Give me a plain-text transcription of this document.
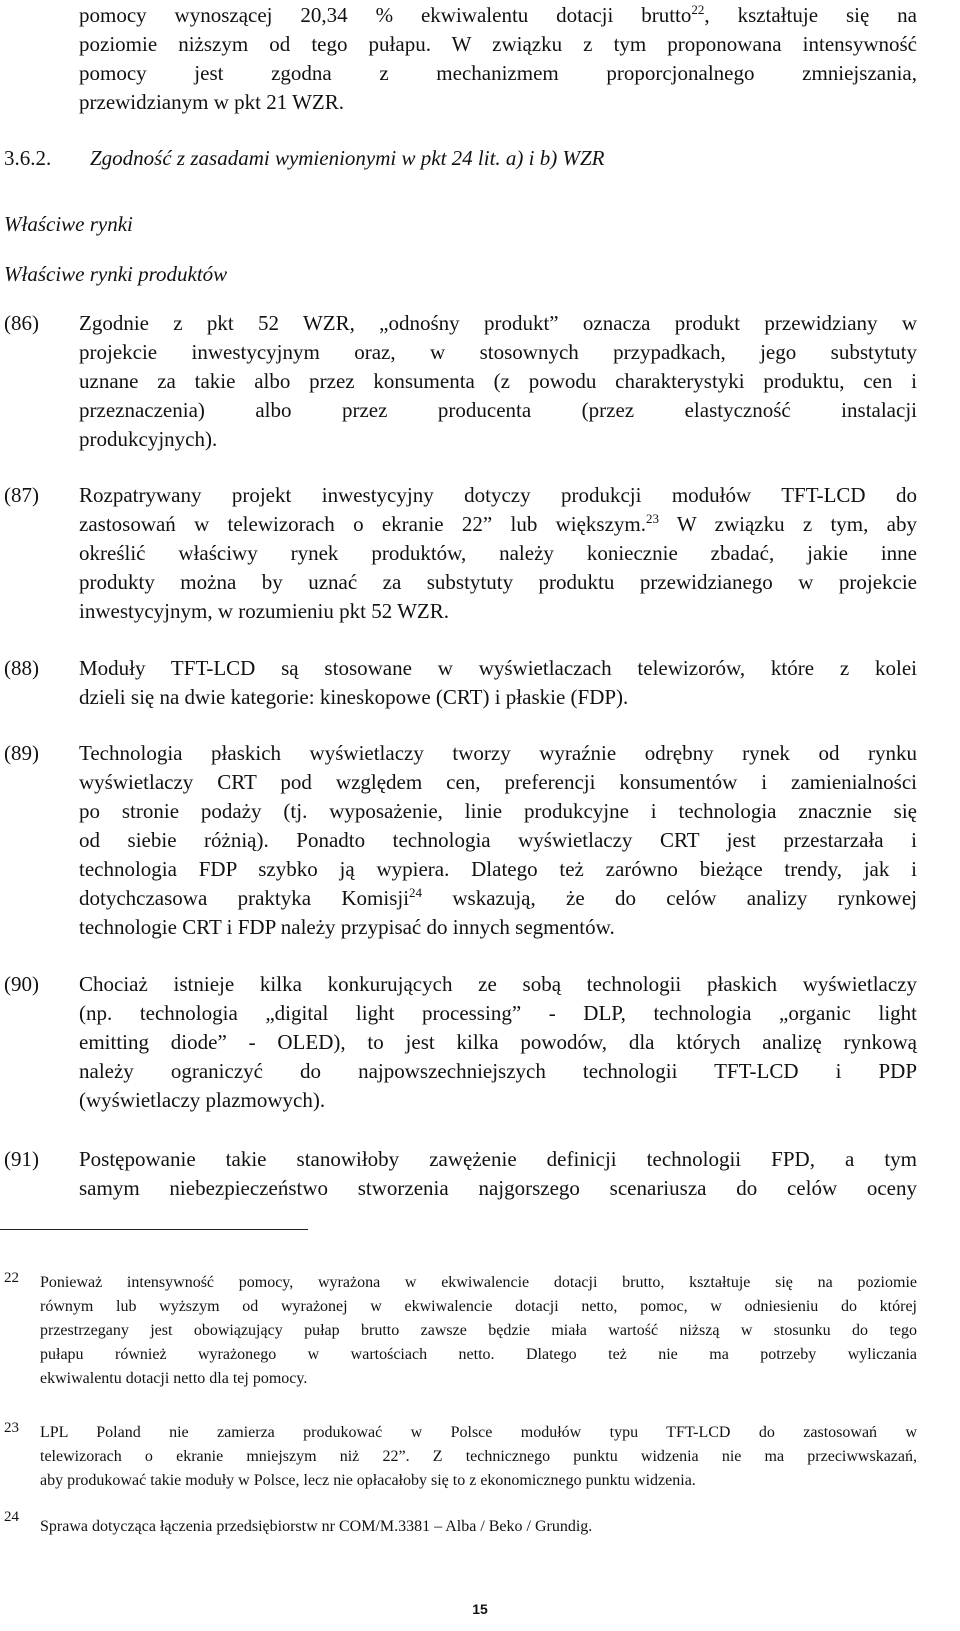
pomocy wynoszącej 20,34 % ekwiwalentu dotacji brutto$^{22}$, kształtuje się na
poziomie niższym od tego pułapu. W związku z tym proponowana intensywność
pomocy jest zgodna z mechanizmem proporcjonalnego zmniejszania,
przewidzianym w pkt 21 WZR.
3.6.2. Zgodność z zasadami wymienionymi w pkt 24 lit. a) i b) WZR
Właściwe rynki
Właściwe rynki produktów
(86) Zgodnie z pkt 52 WZR, „odnośny produkt” oznacza produkt przewidziany w
projekcie inwestycyjnym oraz, w stosownych przypadkach, jego substytuty
uznane za takie albo przez konsumenta (z powodu charakterystyki produktu, cen i
przeznaczenia) albo przez producenta (przez elastyczność instalacji
produkcyjnych).
(87) Rozpatrywany projekt inwestycyjny dotyczy produkcji modułów TFT-LCD do
zastosowań w telewizorach o ekranie 22” lub większym.$^{23}$ W związku z tym, aby
określić właściwy rynek produktów, należy koniecznie zbadać, jakie inne
produkty można by uznać za substytuty produktu przewidzianego w projekcie
inwestycyjnym, w rozumieniu pkt 52 WZR.
(88) Moduły TFT-LCD są stosowane w wyświetlaczach telewizorów, które z kolei
dzieli się na dwie kategorie: kineskopowe (CRT) i płaskie (FDP).
(89) Technologia płaskich wyświetlaczy tworzy wyraźnie odrębny rynek od rynku
wyświetlaczy CRT pod względem cen, preferencji konsumentów i zamienialności
po stronie podaży (tj. wyposażenie, linie produkcyjne i technologia znacznie się
od siebie różnią). Ponadto technologia wyświetlaczy CRT jest przestarzała i
technologia FDP szybko ją wypiera. Dlatego też zarówno bieżące trendy, jak i
dotychczasowa praktyka Komisji$^{24}$ wskazują, że do celów analizy rynkowej
technologie CRT i FDP należy przypisać do innych segmentów.
(90) Chociaż istnieje kilka konkurujących ze sobą technologii płaskich wyświetlaczy
(np. technologia „digital light processing” - DLP, technologia „organic light
emitting diode” - OLED), to jest kilka powodów, dla których analizę rynkową
należy ograniczyć do najpowszechniejszych technologii TFT-LCD i PDP
(wyświetlaczy plazmowych).
(91) Postępowanie takie stanowiłoby zawężenie definicji technologii FPD, a tym
samym niebezpieczeństwo stworzenia najgorszego scenariusza do celów oceny
22 Ponieważ intensywność pomocy, wyrażona w ekwiwalencie dotacji brutto, kształtuje się na poziomie
równym lub wyższym od wyrażonej w ekwiwalencie dotacji netto, pomoc, w odniesieniu do której
przestrzegany jest obowiązujący pułap brutto zawsze będzie miała wartość niższą w stosunku do tego
pułapu również wyrażonego w wartościach netto. Dlatego też nie ma potrzeby wyliczania
ekwiwalentu dotacji netto dla tej pomocy.
23 LPL Poland nie zamierza produkować w Polsce modułów typu TFT-LCD do zastosowań w
telewizorach o ekranie mniejszym niż 22”. Z technicznego punktu widzenia nie ma przeciwwskazań,
aby produkować takie moduły w Polsce, lecz nie opłacałoby się to z ekonomicznego punktu widzenia.
24
Sprawa dotycząca łączenia przedsiębiorstw nr COM/M.3381 – Alba / Beko / Grundig.
15
